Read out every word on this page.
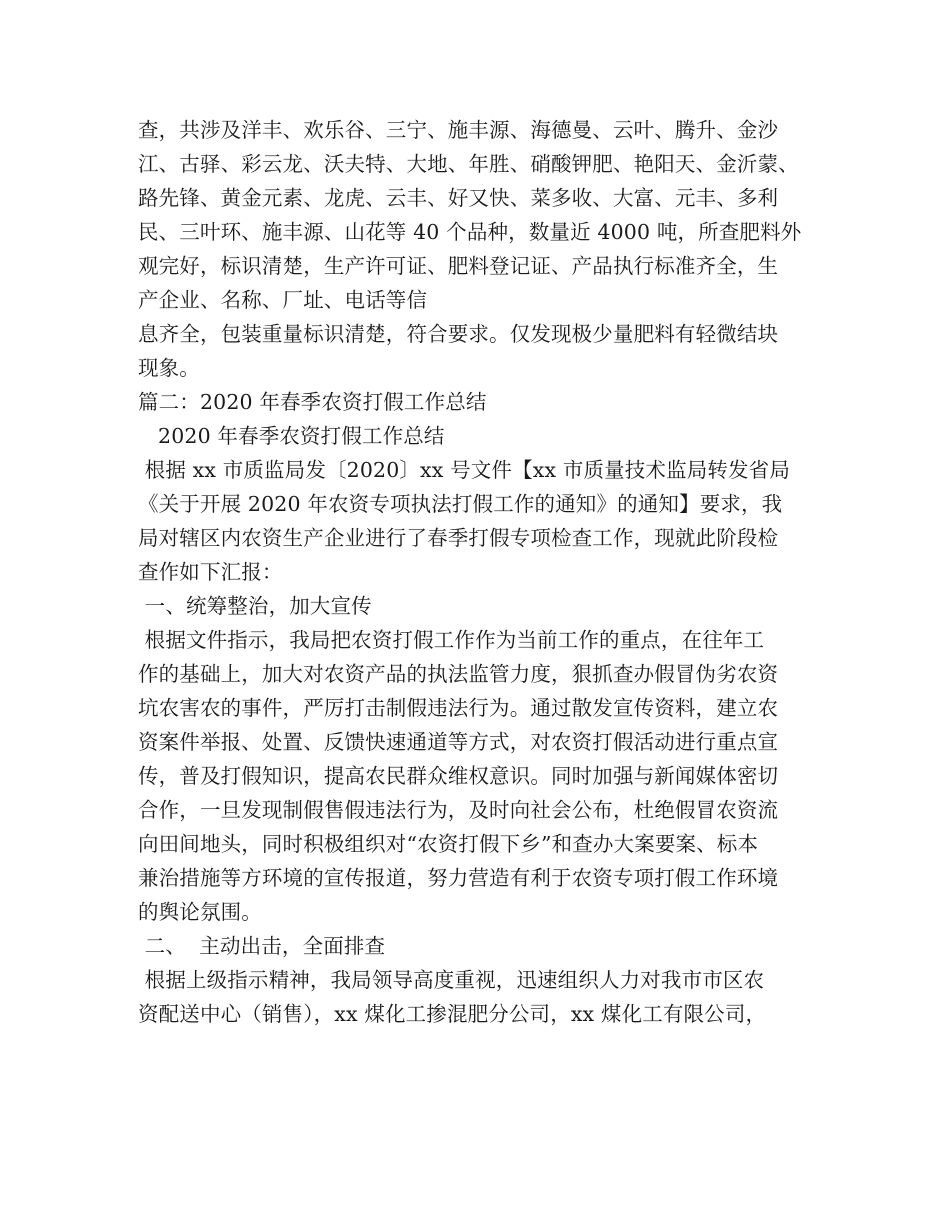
查，共涉及洋丰、欢乐谷、三宁、施丰源、海德曼、云叶、腾升、金沙
江、古驿、彩云龙、沃夫特、大地、年胜、硝酸钾肥、艳阳天、金沂蒙、
路先锋、黄金元素、龙虎、云丰、好又快、菜多收、大富、元丰、多利
民、三叶环、施丰源、山花等 40 个品种，数量近 4000 吨，所查肥料外
观完好，标识清楚，生产许可证、肥料登记证、产品执行标准齐全，生
产企业、名称、厂址、电话等信
息齐全，包装重量标识清楚，符合要求。仅发现极少量肥料有轻微结块
现象。
篇二：2020 年春季农资打假工作总结
2020 年春季农资打假工作总结
根据 xx 市质监局发〔2020〕xx 号文件【xx 市质量技术监局转发省局
《关于开展 2020 年农资专项执法打假工作的通知》的通知】要求，我
局对辖区内农资生产企业进行了春季打假专项检查工作，现就此阶段检
查作如下汇报：
一、统筹整治，加大宣传
根据文件指示，我局把农资打假工作作为当前工作的重点，在往年工
作的基础上，加大对农资产品的执法监管力度，狠抓查办假冒伪劣农资
坑农害农的事件，严厉打击制假违法行为。通过散发宣传资料，建立农
资案件举报、处置、反馈快速通道等方式，对农资打假活动进行重点宣
传，普及打假知识，提高农民群众维权意识。同时加强与新闻媒体密切
合作，一旦发现制假售假违法行为，及时向社会公布，杜绝假冒农资流
向田间地头，同时积极组织对“农资打假下乡”和查办大案要案、标本
兼治措施等方环境的宣传报道，努力营造有利于农资专项打假工作环境
的舆论氛围。
二、  主动出击，全面排查
根据上级指示精神，我局领导高度重视，迅速组织人力对我市市区农
资配送中心（销售），xx 煤化工掺混肥分公司，xx 煤化工有限公司，
